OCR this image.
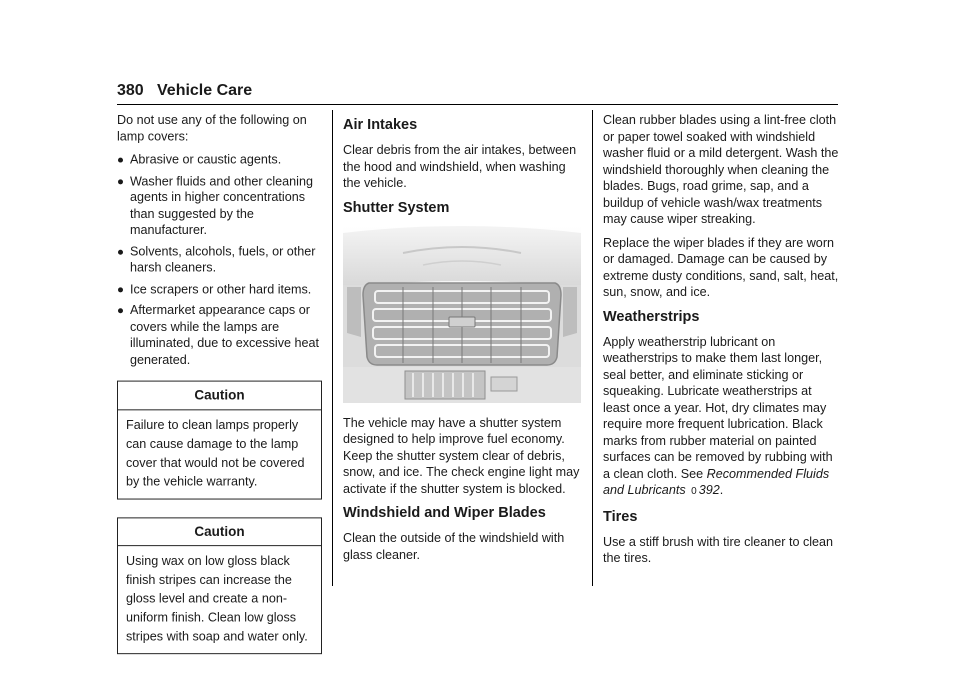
380 Vehicle Care

Do not use any of the following on lamp covers:

Abrasive or caustic agents.
Washer fluids and other cleaning agents in higher concentrations than suggested by the manufacturer.
Solvents, alcohols, fuels, or other harsh cleaners.
Ice scrapers or other hard items.
Aftermarket appearance caps or covers while the lamps are illuminated, due to excessive heat generated.
Caution
Failure to clean lamps properly can cause damage to the lamp cover that would not be covered by the vehicle warranty.
Caution
Using wax on low gloss black finish stripes can increase the gloss level and create a non-uniform finish. Clean low gloss stripes with soap and water only.
Air Intakes

Clear debris from the air intakes, between the hood and windshield, when washing the vehicle.

Shutter System

The vehicle may have a shutter system designed to help improve fuel economy. Keep the shutter system clear of debris, snow, and ice. The check engine light may activate if the shutter system is blocked.

Windshield and Wiper Blades

Clean the outside of the windshield with glass cleaner.

Clean rubber blades using a lint-free cloth or paper towel soaked with windshield washer fluid or a mild detergent. Wash the windshield thoroughly when cleaning the blades. Bugs, road grime, sap, and a buildup of vehicle wash/wax treatments may cause wiper streaking.

Replace the wiper blades if they are worn or damaged. Damage can be caused by extreme dusty conditions, sand, salt, heat, sun, snow, and ice.

Weatherstrips

Apply weatherstrip lubricant on weatherstrips to make them last longer, seal better, and eliminate sticking or squeaking. Lubricate weatherstrips at least once a year. Hot, dry climates may require more frequent lubrication. Black marks from rubber material on painted surfaces can be removed by rubbing with a clean cloth. See Recommended Fluids and Lubricants 0 392.

Tires

Use a stiff brush with tire cleaner to clean the tires.
